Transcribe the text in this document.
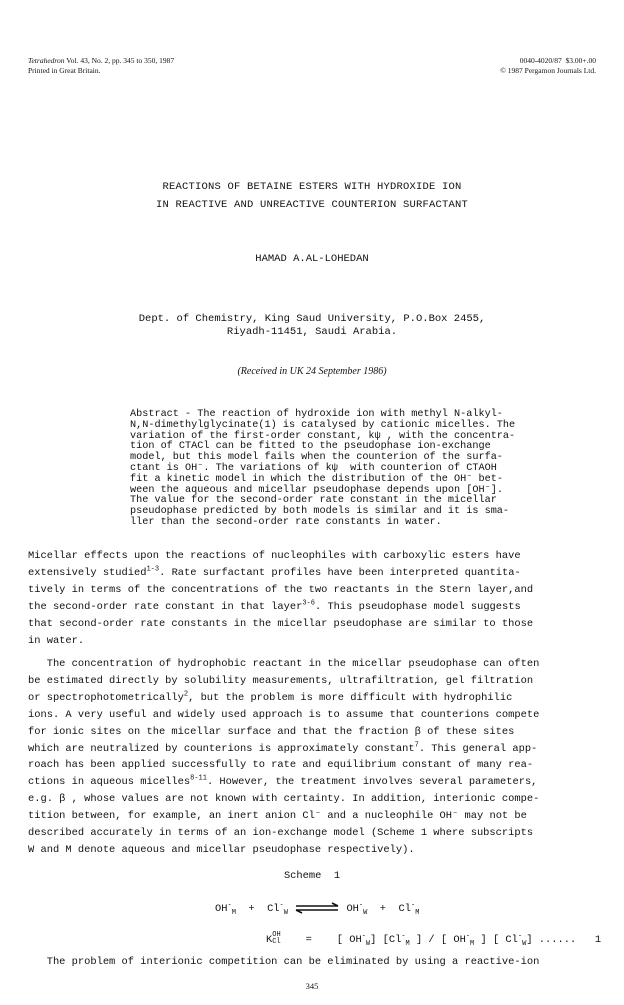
Tetrahedron Vol. 43, No. 2, pp. 345 to 350, 1987
Printed in Great Britain.
0040-4020/87  $3.00+.00
© 1987 Pergamon Journals Ltd.
REACTIONS OF BETAINE ESTERS WITH HYDROXIDE ION
IN REACTIVE AND UNREACTIVE COUNTERION SURFACTANT
HAMAD A.AL-LOHEDAN
Dept. of Chemistry, King Saud University, P.O.Box 2455,
Riyadh-11451, Saudi Arabia.
(Received in UK 24 September 1986)
Abstract - The reaction of hydroxide ion with methyl N-alkyl-
N,N-dimethylglycinate(1) is catalysed by cationic micelles. The
variation of the first-order constant, kψ , with the concentra-
tion of CTACl can be fitted to the pseudophase ion-exchange
model, but this model fails when the counterion of the surfa-
ctant is OH⁻. The variations of kψ  with counterion of CTAOH
fit a kinetic model in which the distribution of the OH⁻ bet-
ween the aqueous and micellar pseudophase depends upon [OH⁻].
The value for the second-order rate constant in the micellar
pseudophase predicted by both models is similar and it is sma-
ller than the second-order rate constants in water.
Micellar effects upon the reactions of nucleophiles with carboxylic esters have
extensively studied$^{1-3}$. Rate surfactant profiles have been interpreted quantita-
tively in terms of the concentrations of the two reactants in the Stern layer,and
the second-order rate constant in that layer$^{3-6}$. This pseudophase model suggests
that second-order rate constants in the micellar pseudophase are similar to those
in water.
The concentration of hydrophobic reactant in the micellar pseudophase can often
be estimated directly by solubility measurements, ultrafiltration, gel filtration
or spectrophotometrically$^2$, but the problem is more difficult with hydrophilic
ions. A very useful and widely used approach is to assume that counterions compete
for ionic sites on the micellar surface and that the fraction β of these sites
which are neutralized by counterions is approximately constant$^7$. This general app-
roach has been applied successfully to rate and equilibrium constant of many rea-
ctions in aqueous micelles$^{8-11}$. However, the treatment involves several parameters,
e.g. β , whose values are not known with certainty. In addition, interionic compe-
tition between, for example, an inert anion Cl⁻ and a nucleophile OH⁻ may not be
described accurately in terms of an ion-exchange model (Scheme 1 where subscripts
W and M denote aqueous and micellar pseudophase respectively).
Scheme  1
$OH^-_M + Cl^-_W$	$OH^-_W + Cl^-_M$
KOH
Cl    =    [ $OH^-_W$] [$Cl^-_M$ ] / [ $OH^-_M$ ] [ $Cl^-_W$] ......   1
The problem of interionic competition can be eliminated by using a reactive-ion
345
